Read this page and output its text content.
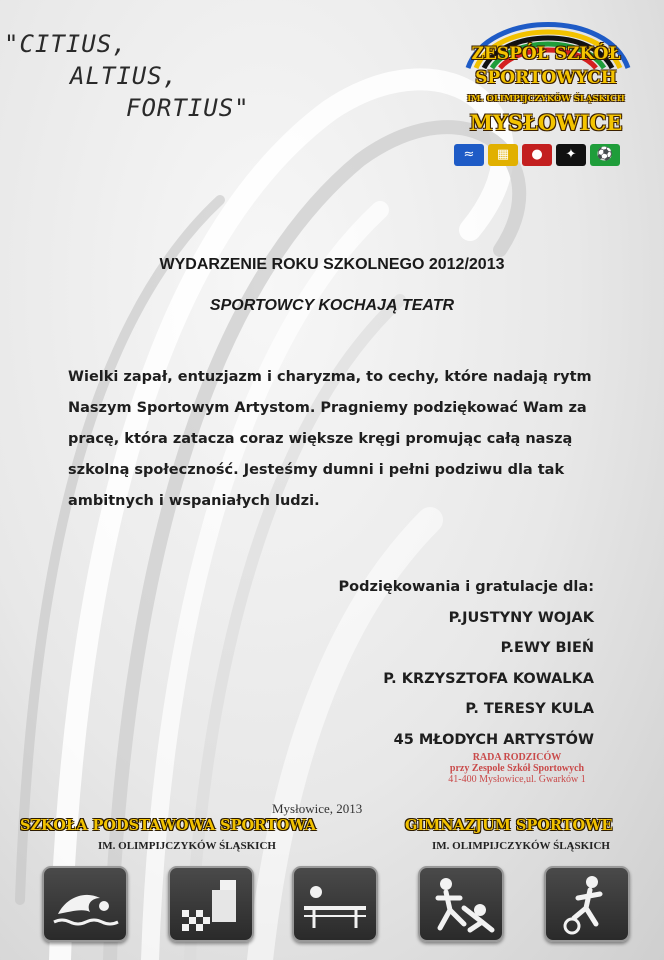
"CITIUS,
ALTIUS,
FORTIUS"
ZESPÓŁ SZKÓŁ
SPORTOWYCH
IM. OLIMPIJCZYKÓW ŚLĄSKICH
MYSŁOWICE
≈	▦	●	✦	⚽
WYDARZENIE ROKU SZKOLNEGO 2012/2013
SPORTOWCY KOCHAJĄ TEATR
Wielki zapał, entuzjazm i charyzma, to cechy, które nadają rytm
Naszym Sportowym Artystom. Pragniemy podziękować Wam za
pracę, która zatacza coraz większe kręgi promując całą naszą
szkolną społeczność. Jesteśmy dumni i pełni podziwu dla tak
ambitnych i wspaniałych ludzi.
Podziękowania i gratulacje dla:
P.JUSTYNY WOJAK
P.EWY BIEŃ
P. KRZYSZTOFA KOWALKA
P. TERESY KULA
45 MŁODYCH ARTYSTÓW
RADA RODZICÓW
przy Zespole Szkół Sportowych
41-400 Mysłowice,ul. Gwarków 1
Mysłowice, 2013
SZKOŁA PODSTAWOWA SPORTOWA	GIMNAZJUM SPORTOWE
IM. OLIMPIJCZYKÓW ŚLĄSKICH	IM. OLIMPIJCZYKÓW ŚLĄSKICH
